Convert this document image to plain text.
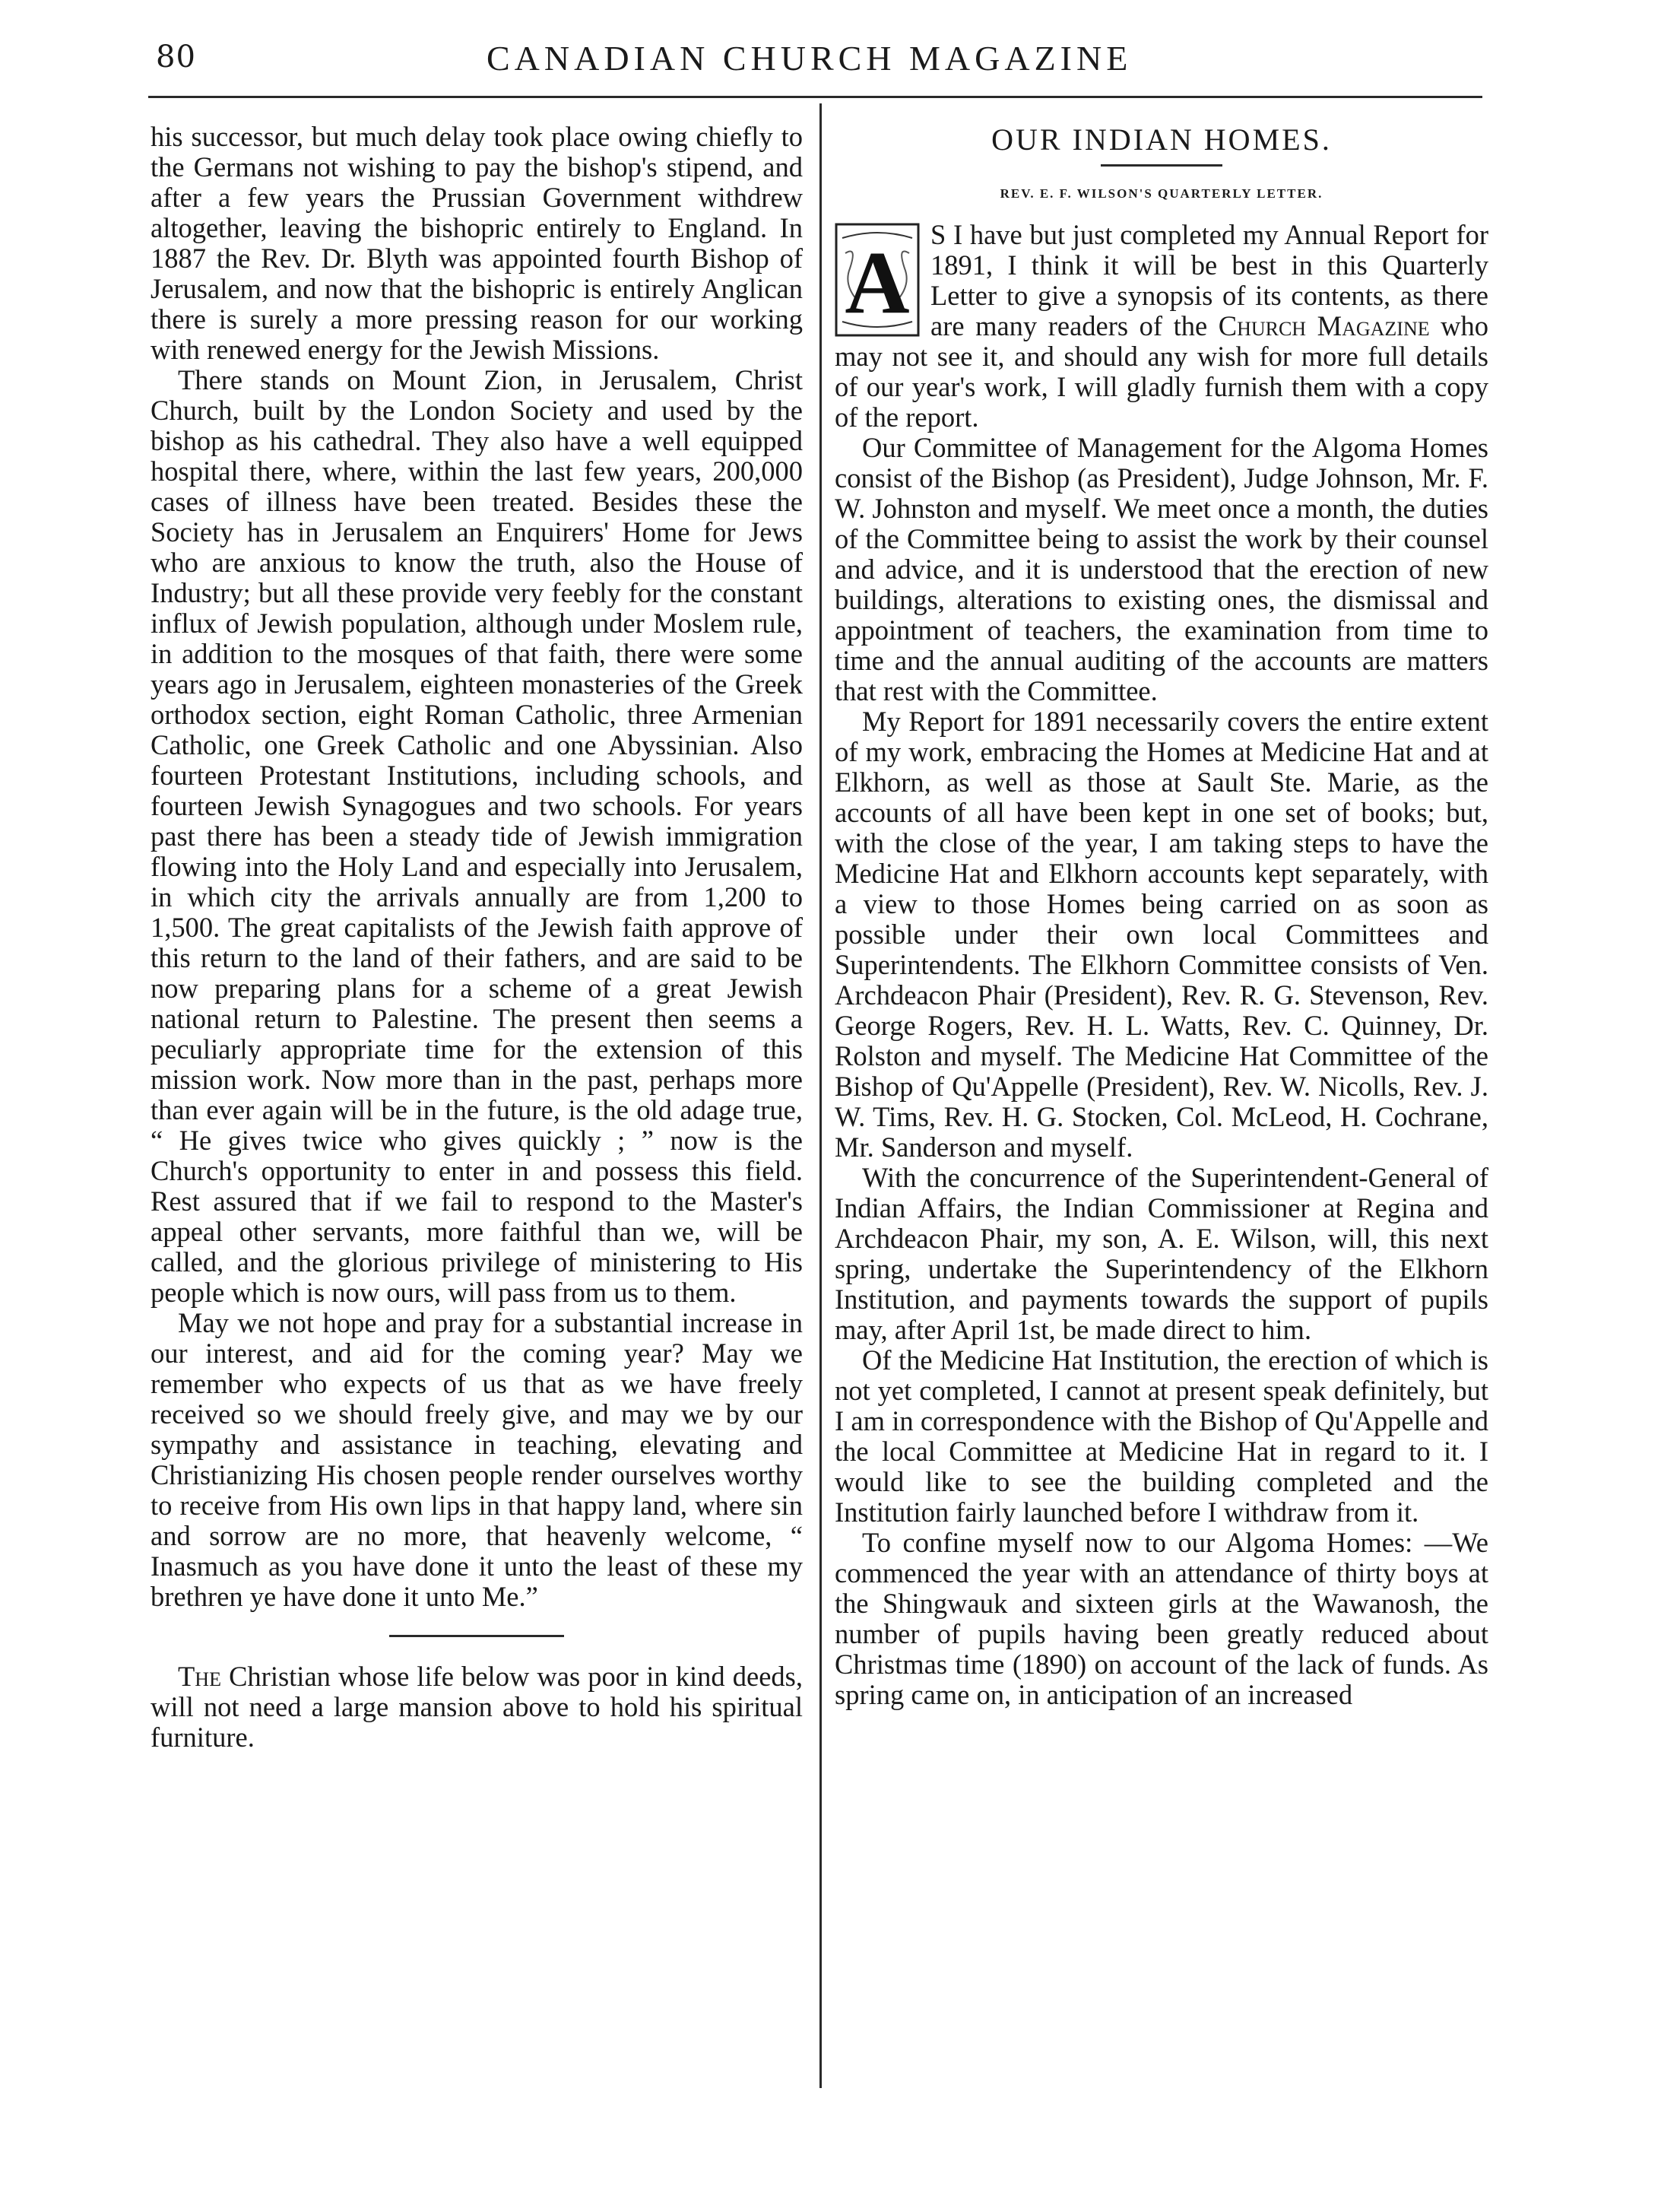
80	CANADIAN CHURCH MAGAZINE

his successor, but much delay took place owing chiefly to the Germans not wishing to pay the bishop's stipend, and after a few years the Prussian Government withdrew altogether, leaving the bishopric entirely to England. In 1887 the Rev. Dr. Blyth was appointed fourth Bishop of Jerusalem, and now that the bishopric is entirely Anglican there is surely a more pressing reason for our working with renewed energy for the Jewish Missions.

There stands on Mount Zion, in Jerusalem, Christ Church, built by the London Society and used by the bishop as his cathedral. They also have a well equipped hospital there, where, within the last few years, 200,000 cases of illness have been treated. Besides these the Society has in Jerusalem an Enquirers' Home for Jews who are anxious to know the truth, also the House of Industry; but all these provide very feebly for the constant influx of Jewish population, although under Moslem rule, in addition to the mosques of that faith, there were some years ago in Jerusalem, eighteen monasteries of the Greek orthodox section, eight Roman Catholic, three Armenian Catholic, one Greek Catholic and one Abyssinian. Also fourteen Protestant Institutions, including schools, and fourteen Jewish Synagogues and two schools. For years past there has been a steady tide of Jewish immigration flowing into the Holy Land and especially into Jerusalem, in which city the arrivals annually are from 1,200 to 1,500. The great capitalists of the Jewish faith approve of this return to the land of their fathers, and are said to be now preparing plans for a scheme of a great Jewish national return to Palestine. The present then seems a peculiarly appropriate time for the extension of this mission work. Now more than in the past, perhaps more than ever again will be in the future, is the old adage true, “ He gives twice who gives quickly ; ” now is the Church's opportunity to enter in and possess this field. Rest assured that if we fail to respond to the Master's appeal other servants, more faithful than we, will be called, and the glorious privilege of ministering to His people which is now ours, will pass from us to them.

May we not hope and pray for a substantial increase in our interest, and aid for the coming year? May we remember who expects of us that as we have freely received so we should freely give, and may we by our sympathy and assistance in teaching, elevating and Christianizing His chosen people render ourselves worthy to receive from His own lips in that happy land, where sin and sorrow are no more, that heavenly welcome, “ Inasmuch as you have done it unto the least of these my brethren ye have done it unto Me.”

The Christian whose life below was poor in kind deeds, will not need a large mansion above to hold his spiritual furniture.

OUR INDIAN HOMES.
REV. E. F. WILSON'S QUARTERLY LETTER.

A S I have but just completed my Annual Report for 1891, I think it will be best in this Quarterly Letter to give a synopsis of its contents, as there are many readers of the Church Magazine who may not see it, and should any wish for more full details of our year's work, I will gladly furnish them with a copy of the report.

Our Committee of Management for the Algoma Homes consist of the Bishop (as President), Judge Johnson, Mr. F. W. Johnston and myself. We meet once a month, the duties of the Committee being to assist the work by their counsel and advice, and it is understood that the erection of new buildings, alterations to existing ones, the dismissal and appointment of teachers, the examination from time to time and the annual auditing of the accounts are matters that rest with the Committee.

My Report for 1891 necessarily covers the entire extent of my work, embracing the Homes at Medicine Hat and at Elkhorn, as well as those at Sault Ste. Marie, as the accounts of all have been kept in one set of books; but, with the close of the year, I am taking steps to have the Medicine Hat and Elkhorn accounts kept separately, with a view to those Homes being carried on as soon as possible under their own local Committees and Superintendents. The Elkhorn Committee consists of Ven. Archdeacon Phair (President), Rev. R. G. Stevenson, Rev. George Rogers, Rev. H. L. Watts, Rev. C. Quinney, Dr. Rolston and myself. The Medicine Hat Committee of the Bishop of Qu'Appelle (President), Rev. W. Nicolls, Rev. J. W. Tims, Rev. H. G. Stocken, Col. McLeod, H. Cochrane, Mr. Sanderson and myself.

With the concurrence of the Superintendent-General of Indian Affairs, the Indian Commissioner at Regina and Archdeacon Phair, my son, A. E. Wilson, will, this next spring, undertake the Superintendency of the Elkhorn Institution, and payments towards the support of pupils may, after April 1st, be made direct to him.

Of the Medicine Hat Institution, the erection of which is not yet completed, I cannot at present speak definitely, but I am in correspondence with the Bishop of Qu'Appelle and the local Committee at Medicine Hat in regard to it. I would like to see the building completed and the Institution fairly launched before I withdraw from it.

To confine myself now to our Algoma Homes: —We commenced the year with an attendance of thirty boys at the Shingwauk and sixteen girls at the Wawanosh, the number of pupils having been greatly reduced about Christmas time (1890) on account of the lack of funds. As spring came on, in anticipation of an increased
